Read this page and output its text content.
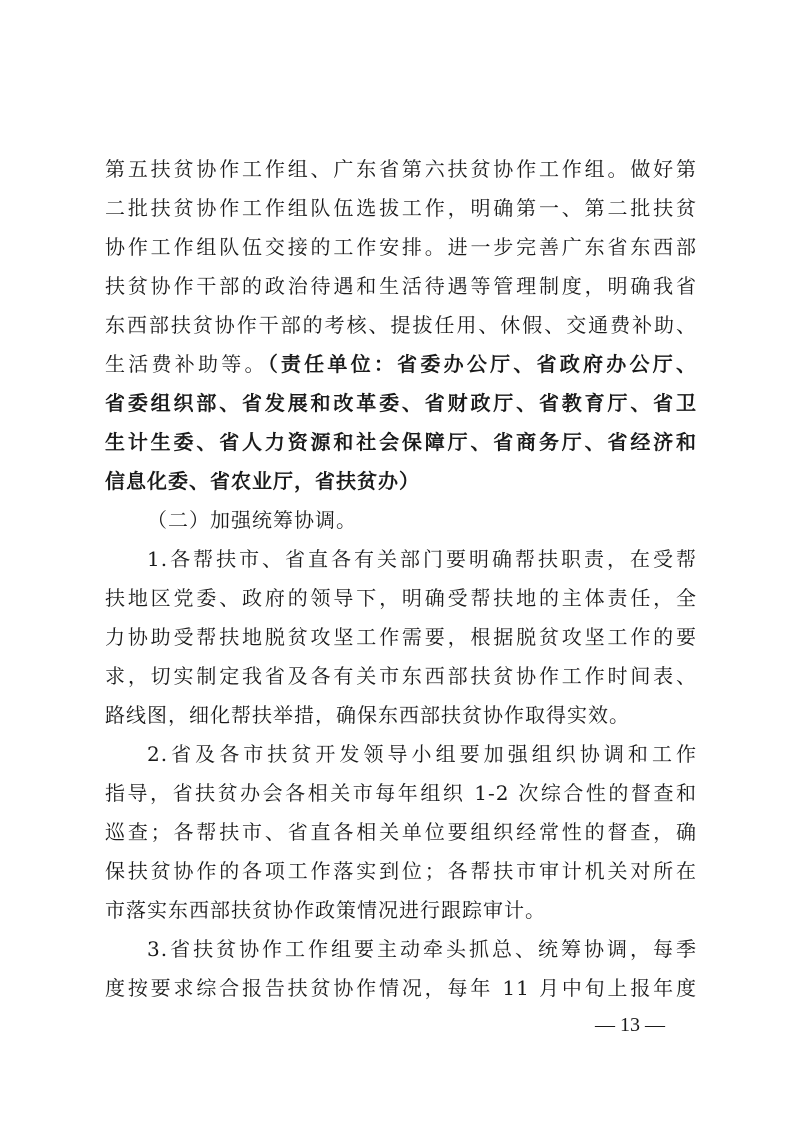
第五扶贫协作工作组、广东省第六扶贫协作工作组。做好第
二批扶贫协作工作组队伍选拔工作，明确第一、第二批扶贫
协作工作组队伍交接的工作安排。进一步完善广东省东西部
扶贫协作干部的政治待遇和生活待遇等管理制度，明确我省
东西部扶贫协作干部的考核、提拔任用、休假、交通费补助、
生活费补助等。（责任单位：省委办公厅、省政府办公厅、
省委组织部、省发展和改革委、省财政厅、省教育厅、省卫
生计生委、省人力资源和社会保障厅、省商务厅、省经济和
信息化委、省农业厅，省扶贫办）
（二）加强统筹协调。
1.各帮扶市、省直各有关部门要明确帮扶职责，在受帮
扶地区党委、政府的领导下，明确受帮扶地的主体责任，全
力协助受帮扶地脱贫攻坚工作需要，根据脱贫攻坚工作的要
求，切实制定我省及各有关市东西部扶贫协作工作时间表、
路线图，细化帮扶举措，确保东西部扶贫协作取得实效。
2.省及各市扶贫开发领导小组要加强组织协调和工作
指导，省扶贫办会各相关市每年组织 1-2 次综合性的督查和
巡查；各帮扶市、省直各相关单位要组织经常性的督查，确
保扶贫协作的各项工作落实到位；各帮扶市审计机关对所在
市落实东西部扶贫协作政策情况进行跟踪审计。
3.省扶贫协作工作组要主动牵头抓总、统筹协调，每季
度按要求综合报告扶贫协作情况，每年 11 月中旬上报年度
— 13 —
